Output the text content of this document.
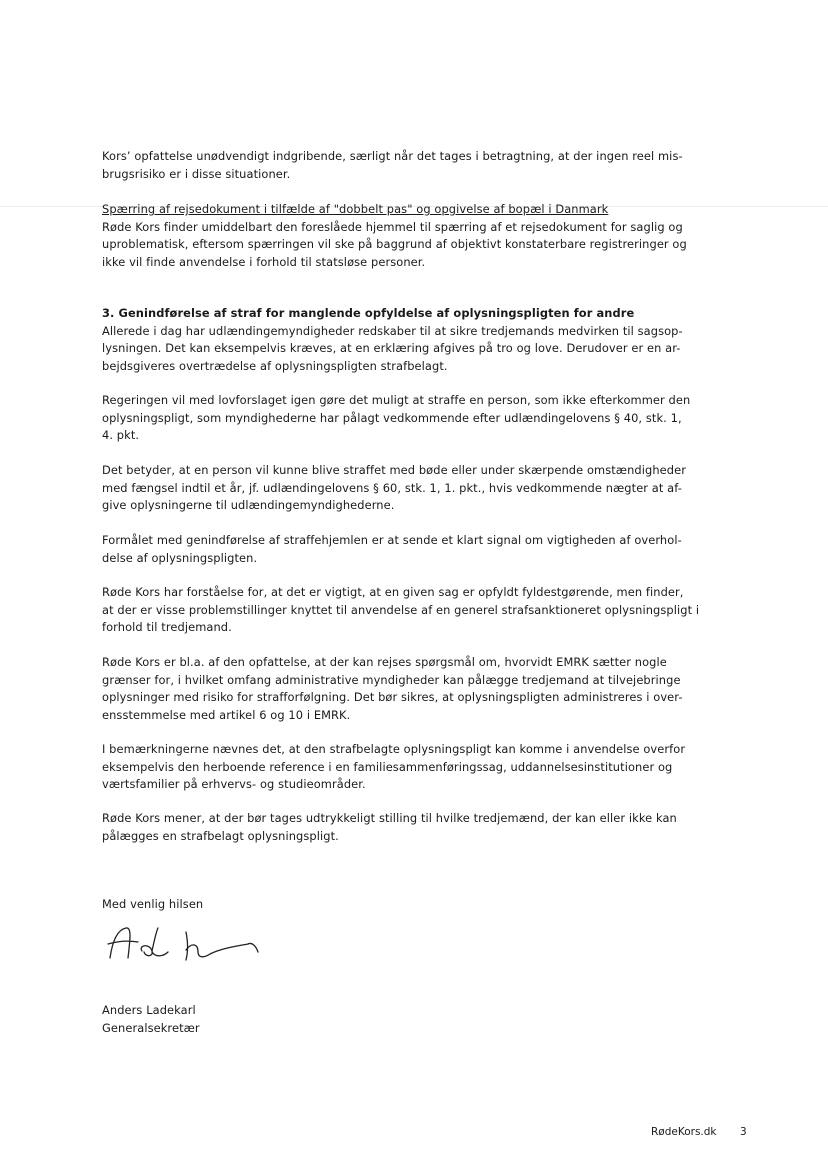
Kors’ opfattelse unødvendigt indgribende, særligt når det tages i betragtning, at der ingen reel mis-

brugsrisiko er i disse situationer.

Spærring af rejsedokument i tilfælde af "dobbelt pas" og opgivelse af bopæl i Danmark

Røde Kors finder umiddelbart den foreslåede hjemmel til spærring af et rejsedokument for saglig og

uproblematisk, eftersom spærringen vil ske på baggrund af objektivt konstaterbare registreringer og

ikke vil finde anvendelse i forhold til statsløse personer.

3. Genindførelse af straf for manglende opfyldelse af oplysningspligten for andre

Allerede i dag har udlændingemyndigheder redskaber til at sikre tredjemands medvirken til sagsop-

lysningen. Det kan eksempelvis kræves, at en erklæring afgives på tro og love. Derudover er en ar-

bejdsgiveres overtrædelse af oplysningspligten strafbelagt.

Regeringen vil med lovforslaget igen gøre det muligt at straffe en person, som ikke efterkommer den

oplysningspligt, som myndighederne har pålagt vedkommende efter udlændingelovens § 40, stk. 1,

4. pkt.

Det betyder, at en person vil kunne blive straffet med bøde eller under skærpende omstændigheder

med fængsel indtil et år, jf. udlændingelovens § 60, stk. 1, 1. pkt., hvis vedkommende nægter at af-

give oplysningerne til udlændingemyndighederne.

Formålet med genindførelse af straffehjemlen er at sende et klart signal om vigtigheden af overhol-

delse af oplysningspligten.

Røde Kors har forståelse for, at det er vigtigt, at en given sag er opfyldt fyldestgørende, men finder,

at der er visse problemstillinger knyttet til anvendelse af en generel strafsanktioneret oplysningspligt i

forhold til tredjemand.

Røde Kors er bl.a. af den opfattelse, at der kan rejses spørgsmål om, hvorvidt EMRK sætter nogle

grænser for, i hvilket omfang administrative myndigheder kan pålægge tredjemand at tilvejebringe

oplysninger med risiko for strafforfølgning. Det bør sikres, at oplysningspligten administreres i over-

ensstemmelse med artikel 6 og 10 i EMRK.

I bemærkningerne nævnes det, at den strafbelagte oplysningspligt kan komme i anvendelse overfor

eksempelvis den herboende reference i en familiesammenføringssag, uddannelsesinstitutioner og

værtsfamilier på erhvervs- og studieområder.

Røde Kors mener, at der bør tages udtrykkeligt stilling til hvilke tredjemænd, der kan eller ikke kan

pålægges en strafbelagt oplysningspligt.

Med venlig hilsen

Anders Ladekarl

Generalsekretær

RødeKors.dk 3
